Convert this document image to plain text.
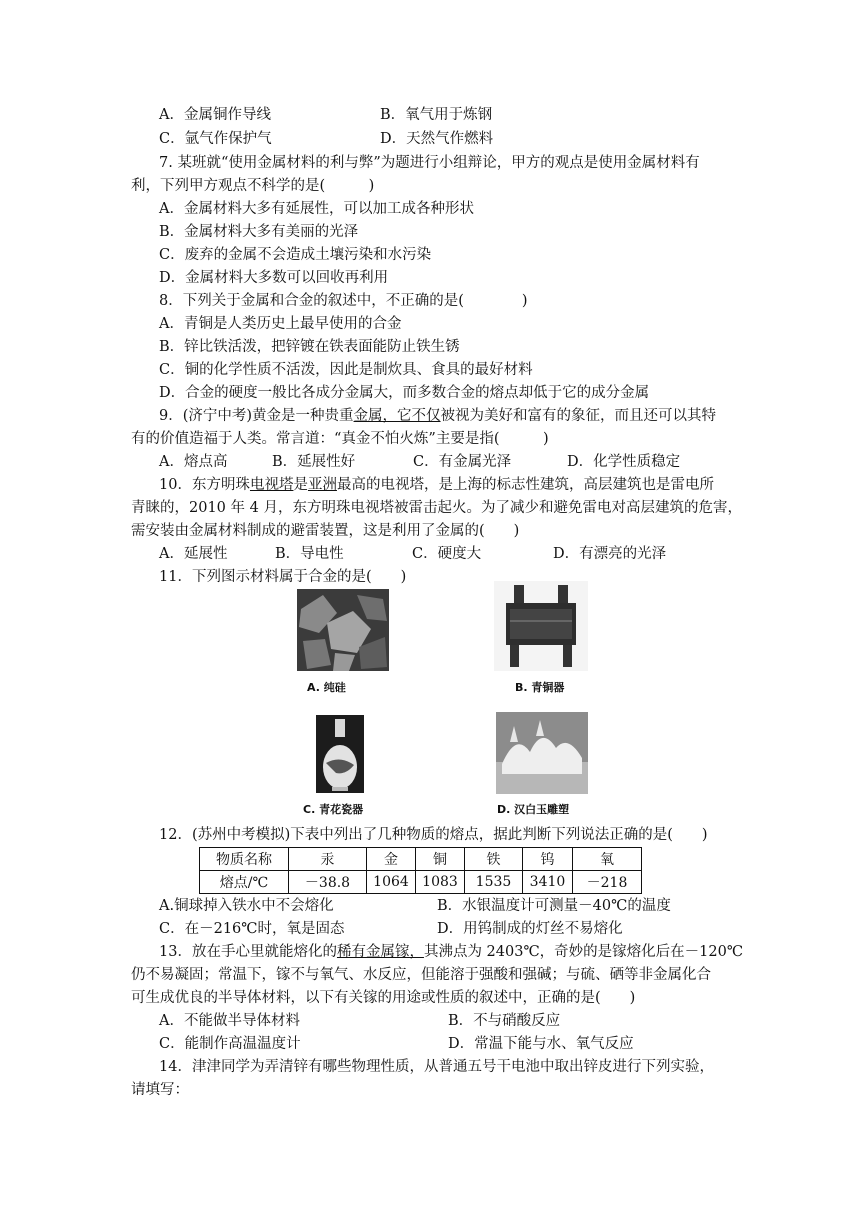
A．金属铜作导线	B．氧气用于炼钢
C．氩气作保护气	D．天然气作燃料
7. 某班就“使用金属材料的利与弊”为题进行小组辩论，甲方的观点是使用金属材料有
利，下列甲方观点不科学的是(　　　)
A．金属材料大多有延展性，可以加工成各种形状
B．金属材料大多有美丽的光泽
C．废弃的金属不会造成土壤污染和水污染
D．金属材料大多数可以回收再利用
8．下列关于金属和合金的叙述中，不正确的是(　　　　)
A．青铜是人类历史上最早使用的合金
B．锌比铁活泼，把锌镀在铁表面能防止铁生锈
C．铜的化学性质不活泼，因此是制炊具、食具的最好材料
D．合金的硬度一般比各成分金属大，而多数合金的熔点却低于它的成分金属
9．(济宁中考)黄金是一种贵重金属，它不仅被视为美好和富有的象征，而且还可以其特
有的价值造福于人类。常言道：“真金不怕火炼”主要是指(　　　)
A．熔点高	B．延展性好	C．有金属光泽	D．化学性质稳定
10．东方明珠电视塔是亚洲最高的电视塔，是上海的标志性建筑，高层建筑也是雷电所
青睐的，2010 年 4 月，东方明珠电视塔被雷击起火。为了减少和避免雷电对高层建筑的危害，
需安装由金属材料制成的避雷装置，这是利用了金属的(　　)
A．延展性	B．导电性	C．硬度大	D．有漂亮的光泽
11．下列图示材料属于合金的是(　　)
A. 纯硅	B. 青铜器
C. 青花瓷器	D. 汉白玉雕塑
12．(苏州中考模拟)下表中列出了几种物质的熔点，据此判断下列说法正确的是(　　)
物质名称	汞	金	铜	铁	钨	氧
熔点/℃	－38.8	1064	1083	1535	3410	－218
A.铜球掉入铁水中不会熔化	B．水银温度计可测量－40℃的温度
C．在－216℃时，氧是固态	D．用钨制成的灯丝不易熔化
13．放在手心里就能熔化的稀有金属镓，其沸点为 2403℃，奇妙的是镓熔化后在－120℃
仍不易凝固；常温下，镓不与氧气、水反应，但能溶于强酸和强碱；与硫、硒等非金属化合
可生成优良的半导体材料，以下有关镓的用途或性质的叙述中，正确的是(　　)
A．不能做半导体材料	B．不与硝酸反应
C．能制作高温温度计	D．常温下能与水、氧气反应
14．津津同学为弄清锌有哪些物理性质，从普通五号干电池中取出锌皮进行下列实验，
请填写：
